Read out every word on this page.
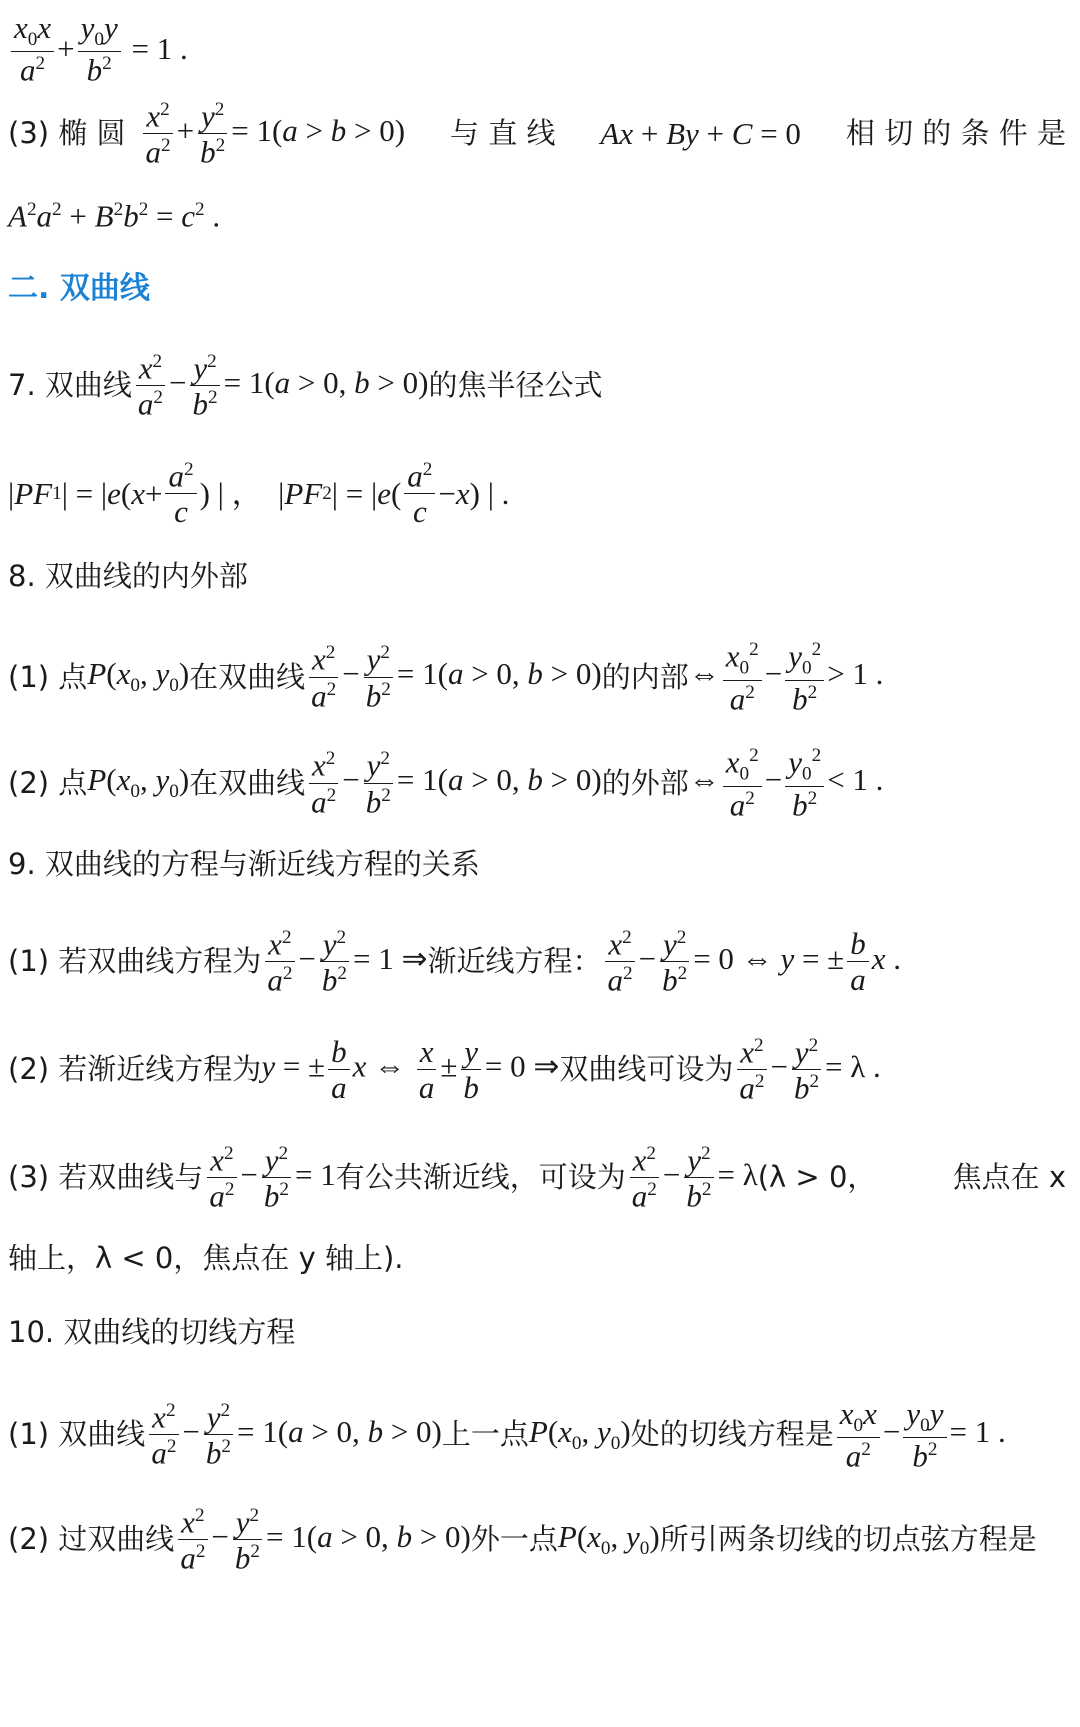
$\frac{x_0x}{a^2} + \frac{y_0y}{b^2} = 1$ .
(3) 椭 圆 $\frac{x^2}{a^2} + \frac{y^2}{b^2} = 1(a > b > 0)$ 与 直 线 Ax + By + C = 0 相 切 的 条 件 是
$A^2a^2 + B^2b^2 = c^2$ .
二. 双曲线
7. 双曲线 $\frac{x^2}{a^2} - \frac{y^2}{b^2} = 1(a > 0$, b > 0) 的焦半径公式
| PF 1 | = | e ( $x + \frac{a^2}{c}$ ) | ，  | PF 2 | = | e ( $\frac{a^2}{c} - x$ ) | .
8. 双曲线的内外部
(1) 点 $P(x_0$, $y_0$) 在双曲线 $\frac{x^2}{a^2} - \frac{y^2}{b^2} = 1(a > 0$, b > 0) 的内部 ⇔ $\frac{x_0^2}{a^2} - \frac{y_0^2}{b^2} > 1$ .
(2) 点 $P(x_0$, $y_0$) 在双曲线 $\frac{x^2}{a^2} - \frac{y^2}{b^2} = 1(a > 0$, b > 0) 的外部 ⇔ $\frac{x_0^2}{a^2} - \frac{y_0^2}{b^2} < 1$ .
9. 双曲线的方程与渐近线方程的关系
(1) 若双曲线方程为 $\frac{x^2}{a^2} - \frac{y^2}{b^2} = 1$ ⇒ 渐近线方程： $\frac{x^2}{a^2} - \frac{y^2}{b^2} = 0$ ⇔ y = ± $\frac{b}{a}$ x .
(2) 若渐近线方程为 y = ± $\frac{b}{a}$ x ⇔ $\frac{x}{a} \pm \frac{y}{b} = 0$ ⇒ 双曲线可设为 $\frac{x^2}{a^2} - \frac{y^2}{b^2} = \lambda$ .
(3) 若双曲线与 $\frac{x^2}{a^2} - \frac{y^2}{b^2} = 1$ 有公共渐近线，可设为 $\frac{x^2}{a^2} - \frac{y^2}{b^2} = \lambda$ (λ > 0，	焦点在 x
轴上，λ < 0，焦点在 y 轴上).
10. 双曲线的切线方程
(1) 双曲线 $\frac{x^2}{a^2} - \frac{y^2}{b^2} = 1(a > 0$, b > 0) 上一点 $P(x_0$, $y_0$) 处的切线方程是 $\frac{x_0x}{a^2} - \frac{y_0y}{b^2} = 1$ .
(2) 过双曲线 $\frac{x^2}{a^2} - \frac{y^2}{b^2} = 1(a > 0$, b > 0) 外一点 $P(x_0$, $y_0$) 所引两条切线的切点弦方程是
